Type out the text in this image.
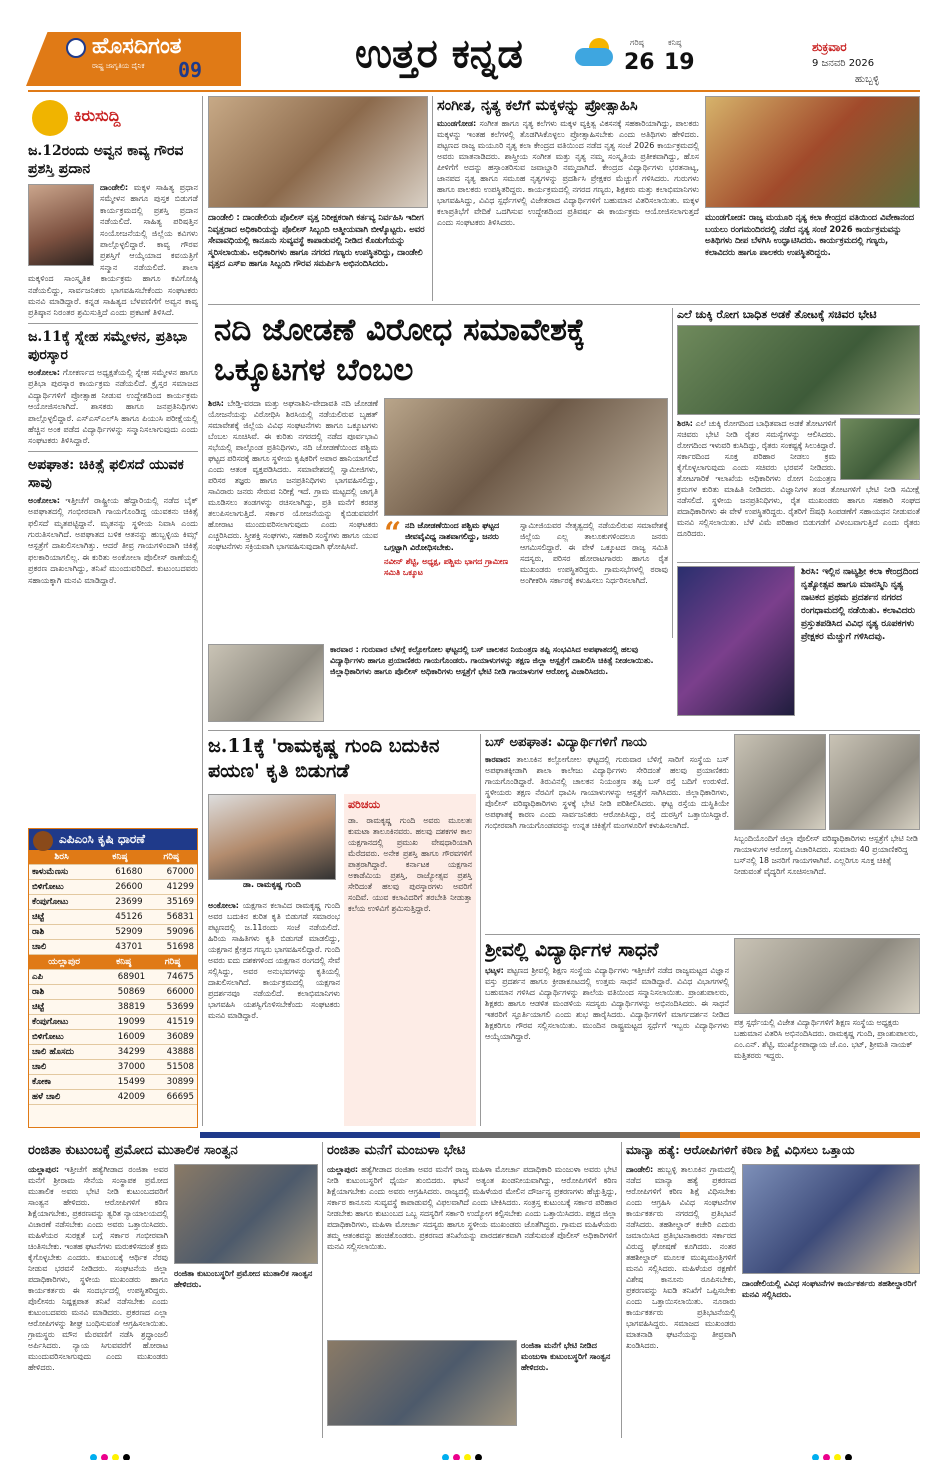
ಹೊಸದಿಗಂತ
ರಾಷ್ಟ್ರ ಜಾಗೃತಿಯ ದೈನಿಕ 09	ಉತ್ತರ ಕನ್ನಡ	ಗರಿಷ್ಠ
26
ಕನಿಷ್ಠ
19
ಶುಕ್ರವಾರ
9 ಜನವರಿ 2026
ಹುಬ್ಬಳ್ಳಿ
ಕಿರುಸುದ್ದಿ
ಜ.12ರಂದು ಅವ್ವನ ಕಾವ್ಯ ಗೌರವ ಪ್ರಶಸ್ತಿ ಪ್ರದಾನ
ದಾಂಡೇಲಿ: ಮಕ್ಕಳ ಸಾಹಿತ್ಯ ಪ್ರಧಾನ ಸಮ್ಮೇಳನ ಹಾಗೂ ಪುಸ್ತಕ ಬಿಡುಗಡೆ ಕಾರ್ಯಕ್ರಮದಲ್ಲಿ ಪ್ರಶಸ್ತಿ ಪ್ರದಾನ ನಡೆಯಲಿದೆ. ಸಾಹಿತ್ಯ ಪರಿಷತ್ತಿನ ಸಂಯೋಜನೆಯಲ್ಲಿ ಜಿಲ್ಲೆಯ ಕವಿಗಳು ಪಾಲ್ಗೊಳ್ಳಲಿದ್ದಾರೆ. ಕಾವ್ಯ ಗೌರವ ಪ್ರಶಸ್ತಿಗೆ ಆಯ್ಕೆಯಾದ ಕವಯತ್ರಿಗೆ ಸನ್ಮಾನ ನಡೆಯಲಿದೆ. ಶಾಲಾ ಮಕ್ಕಳಿಂದ ಸಾಂಸ್ಕೃತಿಕ ಕಾರ್ಯಕ್ರಮ ಹಾಗೂ ಕವಿಗೋಷ್ಠಿ ನಡೆಯಲಿದ್ದು, ಸಾರ್ವಜನಿಕರು ಭಾಗವಹಿಸಬೇಕೆಂದು ಸಂಘಟಕರು ಮನವಿ ಮಾಡಿದ್ದಾರೆ. ಕನ್ನಡ ಸಾಹಿತ್ಯದ ಬೆಳವಣಿಗೆಗೆ ಅವ್ವನ ಕಾವ್ಯ ಪ್ರತಿಷ್ಠಾನ ನಿರಂತರ ಶ್ರಮಿಸುತ್ತಿದೆ ಎಂದು ಪ್ರಕಟಣೆ ತಿಳಿಸಿದೆ.
ಜ.11ಕ್ಕೆ ಸ್ನೇಹ ಸಮ್ಮೇಳನ, ಪ್ರತಿಭಾ ಪುರಸ್ಕಾರ
ಅಂಕೋಲಾ: ಗೋಕರ್ಣದ ಅಧ್ಯಕ್ಷತೆಯಲ್ಲಿ ಸ್ನೇಹ ಸಮ್ಮೇಳನ ಹಾಗೂ ಪ್ರತಿಭಾ ಪುರಸ್ಕಾರ ಕಾರ್ಯಕ್ರಮ ನಡೆಯಲಿದೆ. ಕ್ರೈಸ್ತರ ಸಮಾಜದ ವಿದ್ಯಾರ್ಥಿಗಳಿಗೆ ಪ್ರೋತ್ಸಾಹ ನೀಡುವ ಉದ್ದೇಶದಿಂದ ಕಾರ್ಯಕ್ರಮ ಆಯೋಜಿಸಲಾಗಿದೆ. ಶಾಸಕರು ಹಾಗೂ ಜನಪ್ರತಿನಿಧಿಗಳು ಪಾಲ್ಗೊಳ್ಳಲಿದ್ದಾರೆ. ಎಸ್ಎಸ್ಎಲ್‌ಸಿ ಹಾಗೂ ಪಿಯುಸಿ ಪರೀಕ್ಷೆಯಲ್ಲಿ ಹೆಚ್ಚಿನ ಅಂಕ ಪಡೆದ ವಿದ್ಯಾರ್ಥಿಗಳನ್ನು ಸನ್ಮಾನಿಸಲಾಗುವುದು ಎಂದು ಸಂಘಟಕರು ತಿಳಿಸಿದ್ದಾರೆ.
ಅಪಘಾತ: ಚಿಕಿತ್ಸೆ ಫಲಿಸದೆ ಯುವಕ ಸಾವು
ಅಂಕೋಲಾ: ಇತ್ತೀಚೆಗೆ ರಾಷ್ಟ್ರೀಯ ಹೆದ್ದಾರಿಯಲ್ಲಿ ನಡೆದ ಬೈಕ್ ಅಪಘಾತದಲ್ಲಿ ಗಂಭೀರವಾಗಿ ಗಾಯಗೊಂಡಿದ್ದ ಯುವಕನು ಚಿಕಿತ್ಸೆ ಫಲಿಸದೆ ಮೃತಪಟ್ಟಿದ್ದಾನೆ. ಮೃತನನ್ನು ಸ್ಥಳೀಯ ನಿವಾಸಿ ಎಂದು ಗುರುತಿಸಲಾಗಿದೆ. ಅಪಘಾತದ ಬಳಿಕ ಆತನನ್ನು ಹುಬ್ಬಳ್ಳಿಯ ಕಿಮ್ಸ್ ಆಸ್ಪತ್ರೆಗೆ ದಾಖಲಿಸಲಾಗಿತ್ತು. ಆದರೆ ತೀವ್ರ ಗಾಯಗಳಿಂದಾಗಿ ಚಿಕಿತ್ಸೆ ಫಲಕಾರಿಯಾಗಲಿಲ್ಲ. ಈ ಕುರಿತು ಅಂಕೋಲಾ ಪೊಲೀಸ್ ಠಾಣೆಯಲ್ಲಿ ಪ್ರಕರಣ ದಾಖಲಾಗಿದ್ದು, ತನಿಖೆ ಮುಂದುವರಿದಿದೆ. ಕುಟುಂಬದವರು ಸಹಾಯಕ್ಕಾಗಿ ಮನವಿ ಮಾಡಿದ್ದಾರೆ.
ಎಪಿಎಂಸಿ ಕೃಷಿ ಧಾರಣೆ
ಶಿರಸಿ	ಕನಿಷ್ಠ	ಗರಿಷ್ಠ
ಕಾಳುಮೆಣಸು	61680	67000
ಬಿಳಿಗೋಟು	26600	41299
ಕೆಂಪುಗೋಟು	23699	35169
ಚಿಟ್ಟೆ	45126	56831
ರಾಶಿ	52909	59096
ಚಾಲಿ	43701	51698
ಯಲ್ಲಾಪುರ	ಕನಿಷ್ಠ	ಗರಿಷ್ಠ
ಎಪಿ	68901	74675
ರಾಶಿ	50869	66000
ಚಿಟ್ಟೆ	38819	53699
ಕೆಂಪುಗೋಟು	19099	41519
ಬಿಳಿಗೋಟು	16009	36089
ಚಾಲಿ ಹೊಸದು	34299	43888
ಚಾಲಿ	37000	51508
ಕೋಕಾ	15499	30899
ಹಳೆ ಚಾಲಿ	42009	66695
ದಾಂಡೇಲಿ : ದಾಂಡೇಲಿಯ ಪೊಲೀಸ್ ವೃತ್ತ ನಿರೀಕ್ಷಕರಾಗಿ ಕರ್ತವ್ಯ ನಿರ್ವಹಿಸಿ ಇದೀಗ ನಿವೃತ್ತರಾದ ಅಧಿಕಾರಿಯನ್ನು ಪೊಲೀಸ್ ಸಿಬ್ಬಂದಿ ಆತ್ಮೀಯವಾಗಿ ಬೀಳ್ಕೊಟ್ಟರು. ಅವರ ಸೇವಾವಧಿಯಲ್ಲಿ ಕಾನೂನು ಸುವ್ಯವಸ್ಥೆ ಕಾಪಾಡುವಲ್ಲಿ ನೀಡಿದ ಕೊಡುಗೆಯನ್ನು ಸ್ಮರಿಸಲಾಯಿತು. ಅಧಿಕಾರಿಗಳು ಹಾಗೂ ನಗರದ ಗಣ್ಯರು ಉಪಸ್ಥಿತರಿದ್ದು, ದಾಂಡೇಲಿ ವೃತ್ತದ ಎಸ್ಐ ಹಾಗೂ ಸಿಬ್ಬಂದಿ ಗೌರವ ಸಮರ್ಪಿಸಿ ಅಭಿನಂದಿಸಿದರು.
ಸಂಗೀತ, ನೃತ್ಯ ಕಲೆಗೆ ಮಕ್ಕಳನ್ನು ಪ್ರೋತ್ಸಾಹಿಸಿ
ಮುಂಡಗೋಡ: ಸಂಗೀತ ಹಾಗೂ ನೃತ್ಯ ಕಲೆಗಳು ಮಕ್ಕಳ ವ್ಯಕ್ತಿತ್ವ ವಿಕಸನಕ್ಕೆ ಸಹಕಾರಿಯಾಗಿದ್ದು, ಪಾಲಕರು ಮಕ್ಕಳನ್ನು ಇಂತಹ ಕಲೆಗಳಲ್ಲಿ ತೊಡಗಿಸಿಕೊಳ್ಳಲು ಪ್ರೋತ್ಸಾಹಿಸಬೇಕು ಎಂದು ಅತಿಥಿಗಳು ಹೇಳಿದರು. ಪಟ್ಟಣದ ರಾಜ್ಯ ಮಯೂರಿ ನೃತ್ಯ ಕಲಾ ಕೇಂದ್ರದ ವತಿಯಿಂದ ನಡೆದ ನೃತ್ಯ ಸಂಜೆ 2026 ಕಾರ್ಯಕ್ರಮದಲ್ಲಿ ಅವರು ಮಾತನಾಡಿದರು. ಶಾಸ್ತ್ರೀಯ ಸಂಗೀತ ಮತ್ತು ನೃತ್ಯ ನಮ್ಮ ಸಂಸ್ಕೃತಿಯ ಪ್ರತೀಕವಾಗಿದ್ದು, ಹೊಸ ಪೀಳಿಗೆಗೆ ಅದನ್ನು ಹಸ್ತಾಂತರಿಸುವ ಜವಾಬ್ದಾರಿ ನಮ್ಮದಾಗಿದೆ. ಕೇಂದ್ರದ ವಿದ್ಯಾರ್ಥಿಗಳು ಭರತನಾಟ್ಯ, ಜಾನಪದ ನೃತ್ಯ ಹಾಗೂ ಸಮೂಹ ನೃತ್ಯಗಳನ್ನು ಪ್ರದರ್ಶಿಸಿ ಪ್ರೇಕ್ಷಕರ ಮೆಚ್ಚುಗೆ ಗಳಿಸಿದರು. ಗುರುಗಳು ಹಾಗೂ ಪಾಲಕರು ಉಪಸ್ಥಿತರಿದ್ದರು. ಕಾರ್ಯಕ್ರಮದಲ್ಲಿ ನಗರದ ಗಣ್ಯರು, ಶಿಕ್ಷಕರು ಮತ್ತು ಕಲಾಭಿಮಾನಿಗಳು ಭಾಗವಹಿಸಿದ್ದು, ವಿವಿಧ ಸ್ಪರ್ಧೆಗಳಲ್ಲಿ ವಿಜೇತರಾದ ವಿದ್ಯಾರ್ಥಿಗಳಿಗೆ ಬಹುಮಾನ ವಿತರಿಸಲಾಯಿತು. ಮಕ್ಕಳ ಕಲಾಪ್ರತಿಭೆಗೆ ವೇದಿಕೆ ಒದಗಿಸುವ ಉದ್ದೇಶದಿಂದ ಪ್ರತಿವರ್ಷ ಈ ಕಾರ್ಯಕ್ರಮ ಆಯೋಜಿಸಲಾಗುತ್ತದೆ ಎಂದು ಸಂಘಟಕರು ತಿಳಿಸಿದರು.
ಮುಂಡಗೋಡ: ರಾಜ್ಯ ಮಯೂರಿ ನೃತ್ಯ ಕಲಾ ಕೇಂದ್ರದ ವತಿಯಿಂದ ವಿವೇಕಾನಂದ ಬಯಲು ರಂಗಮಂದಿರದಲ್ಲಿ ನಡೆದ ನೃತ್ಯ ಸಂಜೆ 2026 ಕಾರ್ಯಕ್ರಮವನ್ನು ಅತಿಥಿಗಳು ದೀಪ ಬೆಳಗಿಸಿ ಉದ್ಘಾಟಿಸಿದರು. ಕಾರ್ಯಕ್ರಮದಲ್ಲಿ ಗಣ್ಯರು, ಕಲಾವಿದರು ಹಾಗೂ ಪಾಲಕರು ಉಪಸ್ಥಿತರಿದ್ದರು.
ನದಿ ಜೋಡಣೆ ವಿರೋಧ ಸಮಾವೇಶಕ್ಕೆ ಒಕ್ಕೂಟಗಳ ಬೆಂಬಲ
ಶಿರಸಿ: ಬೇಡ್ತಿ-ವರದಾ ಮತ್ತು ಅಘನಾಶಿನಿ-ವೇದಾವತಿ ನದಿ ಜೋಡಣೆ ಯೋಜನೆಯನ್ನು ವಿರೋಧಿಸಿ ಶಿರಸಿಯಲ್ಲಿ ನಡೆಯಲಿರುವ ಬೃಹತ್ ಸಮಾವೇಶಕ್ಕೆ ಜಿಲ್ಲೆಯ ವಿವಿಧ ಸಂಘಟನೆಗಳು ಹಾಗೂ ಒಕ್ಕೂಟಗಳು ಬೆಂಬಲ ಸೂಚಿಸಿವೆ. ಈ ಕುರಿತು ನಗರದಲ್ಲಿ ನಡೆದ ಪೂರ್ವಭಾವಿ ಸಭೆಯಲ್ಲಿ ಪಾಲ್ಗೊಂಡ ಪ್ರತಿನಿಧಿಗಳು, ನದಿ ಜೋಡಣೆಯಿಂದ ಪಶ್ಚಿಮ ಘಟ್ಟದ ಪರಿಸರಕ್ಕೆ ಹಾಗೂ ಸ್ಥಳೀಯ ಕೃಷಿಕರಿಗೆ ಅಪಾರ ಹಾನಿಯಾಗಲಿದೆ ಎಂದು ಆತಂಕ ವ್ಯಕ್ತಪಡಿಸಿದರು. ಸಮಾವೇಶದಲ್ಲಿ ಸ್ವಾಮೀಜಿಗಳು, ಪರಿಸರ ತಜ್ಞರು ಹಾಗೂ ಜನಪ್ರತಿನಿಧಿಗಳು ಭಾಗವಹಿಸಲಿದ್ದು, ಸಾವಿರಾರು ಜನರು ಸೇರುವ ನಿರೀಕ್ಷೆ ಇದೆ. ಗ್ರಾಮ ಮಟ್ಟದಲ್ಲಿ ಜಾಗೃತಿ ಮೂಡಿಸಲು ತಂಡಗಳನ್ನು ರಚಿಸಲಾಗಿದ್ದು, ಪ್ರತಿ ಮನೆಗೆ ಕರಪತ್ರ ತಲುಪಿಸಲಾಗುತ್ತಿದೆ. ಸರ್ಕಾರ ಯೋಜನೆಯನ್ನು ಕೈಬಿಡುವವರೆಗೆ ಹೋರಾಟ ಮುಂದುವರಿಸಲಾಗುವುದು ಎಂದು ಸಂಘಟಕರು ಎಚ್ಚರಿಸಿದರು. ಸ್ತ್ರೀಶಕ್ತಿ ಸಂಘಗಳು, ಸಹಕಾರಿ ಸಂಸ್ಥೆಗಳು ಹಾಗೂ ಯುವ ಸಂಘಟನೆಗಳು ಸಕ್ರಿಯವಾಗಿ ಭಾಗವಹಿಸುವುದಾಗಿ ಘೋಷಿಸಿವೆ. “ ನದಿ ಜೋಡಣೆಯಿಂದ ಪಶ್ಚಿಮ ಘಟ್ಟದ ಜೀವವೈವಿಧ್ಯ ನಾಶವಾಗಲಿದ್ದು, ಜನರು ಒಗ್ಗಟ್ಟಾಗಿ ವಿರೋಧಿಸಬೇಕು.
ನವೀನ್ ಶೆಟ್ಟಿ, ಅಧ್ಯಕ್ಷ, ಪಶ್ಚಿಮ ಭಾಗದ ಗ್ರಾಮೀಣ ಸಮಿತಿ ಒಕ್ಕೂಟ
ಸ್ವಾಮೀಜಿಯವರ ನೇತೃತ್ವದಲ್ಲಿ ನಡೆಯಲಿರುವ ಸಮಾವೇಶಕ್ಕೆ ಜಿಲ್ಲೆಯ ಎಲ್ಲ ತಾಲೂಕುಗಳಿಂದಲೂ ಜನರು ಆಗಮಿಸಲಿದ್ದಾರೆ. ಈ ವೇಳೆ ಒಕ್ಕೂಟದ ರಾಜ್ಯ ಸಮಿತಿ ಸದಸ್ಯರು, ಪರಿಸರ ಹೋರಾಟಗಾರರು ಹಾಗೂ ರೈತ ಮುಖಂಡರು ಉಪಸ್ಥಿತರಿದ್ದರು. ಗ್ರಾಮಸಭೆಗಳಲ್ಲಿ ಠರಾವು ಅಂಗೀಕರಿಸಿ ಸರ್ಕಾರಕ್ಕೆ ಕಳುಹಿಸಲು ನಿರ್ಧರಿಸಲಾಗಿದೆ.
ಎಲೆ ಚುಕ್ಕಿ ರೋಗ ಬಾಧಿತ ಅಡಕೆ ತೋಟಕ್ಕೆ ಸಚಿವರ ಭೇಟಿ
ಶಿರಸಿ: ಎಲೆ ಚುಕ್ಕಿ ರೋಗದಿಂದ ಬಾಧಿತವಾದ ಅಡಕೆ ತೋಟಗಳಿಗೆ ಸಚಿವರು ಭೇಟಿ ನೀಡಿ ರೈತರ ಸಮಸ್ಯೆಗಳನ್ನು ಆಲಿಸಿದರು. ರೋಗದಿಂದ ಇಳುವರಿ ಕುಸಿದಿದ್ದು, ರೈತರು ಸಂಕಷ್ಟಕ್ಕೆ ಸಿಲುಕಿದ್ದಾರೆ. ಸರ್ಕಾರದಿಂದ ಸೂಕ್ತ ಪರಿಹಾರ ನೀಡಲು ಕ್ರಮ ಕೈಗೊಳ್ಳಲಾಗುವುದು ಎಂದು ಸಚಿವರು ಭರವಸೆ ನೀಡಿದರು. ತೋಟಗಾರಿಕೆ ಇಲಾಖೆಯ ಅಧಿಕಾರಿಗಳು ರೋಗ ನಿಯಂತ್ರಣ ಕ್ರಮಗಳ ಕುರಿತು ಮಾಹಿತಿ ನೀಡಿದರು. ವಿಜ್ಞಾನಿಗಳ ತಂಡ ತೋಟಗಳಿಗೆ ಭೇಟಿ ನೀಡಿ ಸಮೀಕ್ಷೆ ನಡೆಸಲಿದೆ. ಸ್ಥಳೀಯ ಜನಪ್ರತಿನಿಧಿಗಳು, ರೈತ ಮುಖಂಡರು ಹಾಗೂ ಸಹಕಾರಿ ಸಂಘದ ಪದಾಧಿಕಾರಿಗಳು ಈ ವೇಳೆ ಉಪಸ್ಥಿತರಿದ್ದರು. ರೈತರಿಗೆ ಔಷಧಿ ಸಿಂಪಡಣೆಗೆ ಸಹಾಯಧನ ನೀಡುವಂತೆ ಮನವಿ ಸಲ್ಲಿಸಲಾಯಿತು. ಬೆಳೆ ವಿಮೆ ಪರಿಹಾರ ಬಿಡುಗಡೆಗೆ ವಿಳಂಬವಾಗುತ್ತಿದೆ ಎಂದು ರೈತರು ದೂರಿದರು.
ಶಿರಸಿ: ಇಲ್ಲಿನ ನಾಟ್ಯಶ್ರೀ ಕಲಾ ಕೇಂದ್ರದಿಂದ ನೃತ್ಯೋತ್ಸವ ಹಾಗೂ ಮಾನಸ್ಮಿನಿ ನೃತ್ಯ ನಾಟಕದ ಪ್ರಥಮ ಪ್ರದರ್ಶನ ನಗರದ ರಂಗಧಾಮದಲ್ಲಿ ನಡೆಯಿತು. ಕಲಾವಿದರು ಪ್ರಸ್ತುತಪಡಿಸಿದ ವಿವಿಧ ನೃತ್ಯ ರೂಪಕಗಳು ಪ್ರೇಕ್ಷಕರ ಮೆಚ್ಚುಗೆ ಗಳಿಸಿದವು.
ಕಾರವಾರ : ಗುರುವಾರ ಬೆಳಗ್ಗೆ ಕಲ್ಪೋಗೋಲ ಘಟ್ಟದಲ್ಲಿ ಬಸ್ ಚಾಲಕನ ನಿಯಂತ್ರಣ ತಪ್ಪಿ ಸಂಭವಿಸಿದ ಅಪಘಾತದಲ್ಲಿ ಹಲವು ವಿದ್ಯಾರ್ಥಿಗಳು ಹಾಗೂ ಪ್ರಯಾಣಿಕರು ಗಾಯಗೊಂಡರು. ಗಾಯಾಳುಗಳನ್ನು ತಕ್ಷಣ ಜಿಲ್ಲಾ ಆಸ್ಪತ್ರೆಗೆ ದಾಖಲಿಸಿ ಚಿಕಿತ್ಸೆ ನೀಡಲಾಯಿತು. ಜಿಲ್ಲಾಧಿಕಾರಿಗಳು ಹಾಗೂ ಪೊಲೀಸ್ ಅಧಿಕಾರಿಗಳು ಆಸ್ಪತ್ರೆಗೆ ಭೇಟಿ ನೀಡಿ ಗಾಯಾಳುಗಳ ಆರೋಗ್ಯ ವಿಚಾರಿಸಿದರು.
ಜ.11ಕ್ಕೆ 'ರಾಮಕೃಷ್ಣ ಗುಂದಿ ಬದುಕಿನ ಪಯಣ' ಕೃತಿ ಬಿಡುಗಡೆ
ಡಾ. ರಾಮಕೃಷ್ಣ ಗುಂದಿ
ಅಂಕೋಲಾ: ಯಕ್ಷಗಾನ ಕಲಾವಿದ ರಾಮಕೃಷ್ಣ ಗುಂದಿ ಅವರ ಬದುಕಿನ ಕುರಿತ ಕೃತಿ ಬಿಡುಗಡೆ ಸಮಾರಂಭ ಪಟ್ಟಣದಲ್ಲಿ ಜ.11ರಂದು ಸಂಜೆ ನಡೆಯಲಿದೆ. ಹಿರಿಯ ಸಾಹಿತಿಗಳು ಕೃತಿ ಬಿಡುಗಡೆ ಮಾಡಲಿದ್ದು, ಯಕ್ಷಗಾನ ಕ್ಷೇತ್ರದ ಗಣ್ಯರು ಭಾಗವಹಿಸಲಿದ್ದಾರೆ. ಗುಂದಿ ಅವರು ಐದು ದಶಕಗಳಿಂದ ಯಕ್ಷಗಾನ ರಂಗದಲ್ಲಿ ಸೇವೆ ಸಲ್ಲಿಸಿದ್ದು, ಅವರ ಅನುಭವಗಳನ್ನು ಕೃತಿಯಲ್ಲಿ ದಾಖಲಿಸಲಾಗಿದೆ. ಕಾರ್ಯಕ್ರಮದಲ್ಲಿ ಯಕ್ಷಗಾನ ಪ್ರದರ್ಶನವೂ ನಡೆಯಲಿದೆ. ಕಲಾಭಿಮಾನಿಗಳು ಭಾಗವಹಿಸಿ ಯಶಸ್ವಿಗೊಳಿಸಬೇಕೆಂದು ಸಂಘಟಕರು ಮನವಿ ಮಾಡಿದ್ದಾರೆ.
ಪರಿಚಯ
ಡಾ. ರಾಮಕೃಷ್ಣ ಗುಂದಿ ಅವರು ಮೂಲತಃ ಕುಮಟಾ ತಾಲೂಕಿನವರು. ಹಲವು ದಶಕಗಳ ಕಾಲ ಯಕ್ಷಗಾನದಲ್ಲಿ ಪ್ರಮುಖ ವೇಷಧಾರಿಯಾಗಿ ಮೆರೆದವರು. ಅನೇಕ ಪ್ರಶಸ್ತಿ ಹಾಗೂ ಗೌರವಗಳಿಗೆ ಪಾತ್ರರಾಗಿದ್ದಾರೆ. ಕರ್ನಾಟಕ ಯಕ್ಷಗಾನ ಅಕಾಡೆಮಿಯ ಪ್ರಶಸ್ತಿ, ರಾಜ್ಯೋತ್ಸವ ಪ್ರಶಸ್ತಿ ಸೇರಿದಂತೆ ಹಲವು ಪುರಸ್ಕಾರಗಳು ಅವರಿಗೆ ಸಂದಿವೆ. ಯುವ ಕಲಾವಿದರಿಗೆ ತರಬೇತಿ ನೀಡುತ್ತಾ ಕಲೆಯ ಉಳಿವಿಗೆ ಶ್ರಮಿಸುತ್ತಿದ್ದಾರೆ.
ಬಸ್ ಅಪಘಾತ: ವಿದ್ಯಾರ್ಥಿಗಳಿಗೆ ಗಾಯ
ಕಾರವಾರ: ತಾಲೂಕಿನ ಕಲ್ಪೋಗೋಲ ಘಟ್ಟದಲ್ಲಿ ಗುರುವಾರ ಬೆಳಿಗ್ಗೆ ಸಾರಿಗೆ ಸಂಸ್ಥೆಯ ಬಸ್ ಅಪಘಾತಕ್ಕೀಡಾಗಿ ಶಾಲಾ ಕಾಲೇಜು ವಿದ್ಯಾರ್ಥಿಗಳು ಸೇರಿದಂತೆ ಹಲವು ಪ್ರಯಾಣಿಕರು ಗಾಯಗೊಂಡಿದ್ದಾರೆ. ತಿರುವಿನಲ್ಲಿ ಚಾಲಕನ ನಿಯಂತ್ರಣ ತಪ್ಪಿ ಬಸ್ ರಸ್ತೆ ಬದಿಗೆ ಉರುಳಿದೆ. ಸ್ಥಳೀಯರು ತಕ್ಷಣ ನೆರವಿಗೆ ಧಾವಿಸಿ ಗಾಯಾಳುಗಳನ್ನು ಆಸ್ಪತ್ರೆಗೆ ಸಾಗಿಸಿದರು. ಜಿಲ್ಲಾಧಿಕಾರಿಗಳು, ಪೊಲೀಸ್ ವರಿಷ್ಠಾಧಿಕಾರಿಗಳು ಸ್ಥಳಕ್ಕೆ ಭೇಟಿ ನೀಡಿ ಪರಿಶೀಲಿಸಿದರು. ಘಟ್ಟ ರಸ್ತೆಯ ದುಸ್ಥಿತಿಯೇ ಅಪಘಾತಕ್ಕೆ ಕಾರಣ ಎಂದು ಸಾರ್ವಜನಿಕರು ಆರೋಪಿಸಿದ್ದು, ರಸ್ತೆ ದುರಸ್ತಿಗೆ ಒತ್ತಾಯಿಸಿದ್ದಾರೆ. ಗಂಭೀರವಾಗಿ ಗಾಯಗೊಂಡವರನ್ನು ಉನ್ನತ ಚಿಕಿತ್ಸೆಗೆ ಮಂಗಳೂರಿಗೆ ಕಳುಹಿಸಲಾಗಿದೆ.
ಸಿಬ್ಬಂದಿಯೊಂದಿಗೆ ಜಿಲ್ಲಾ ಪೊಲೀಸ್ ವರಿಷ್ಠಾಧಿಕಾರಿಗಳು ಆಸ್ಪತ್ರೆಗೆ ಭೇಟಿ ನೀಡಿ ಗಾಯಾಳುಗಳ ಆರೋಗ್ಯ ವಿಚಾರಿಸಿದರು. ಸುಮಾರು 40 ಪ್ರಯಾಣಿಕರಿದ್ದ ಬಸ್‌ನಲ್ಲಿ 18 ಜನರಿಗೆ ಗಾಯಗಳಾಗಿವೆ. ಎಲ್ಲರಿಗೂ ಸೂಕ್ತ ಚಿಕಿತ್ಸೆ ನೀಡುವಂತೆ ವೈದ್ಯರಿಗೆ ಸೂಚಿಸಲಾಗಿದೆ.
ಶ್ರೀವಲ್ಲಿ ವಿದ್ಯಾರ್ಥಿಗಳ ಸಾಧನೆ
ಭಟ್ಕಳ: ಪಟ್ಟಣದ ಶ್ರೀವಲ್ಲಿ ಶಿಕ್ಷಣ ಸಂಸ್ಥೆಯ ವಿದ್ಯಾರ್ಥಿಗಳು ಇತ್ತೀಚೆಗೆ ನಡೆದ ರಾಜ್ಯಮಟ್ಟದ ವಿಜ್ಞಾನ ವಸ್ತು ಪ್ರದರ್ಶನ ಹಾಗೂ ಕ್ರೀಡಾಕೂಟದಲ್ಲಿ ಉತ್ತಮ ಸಾಧನೆ ಮಾಡಿದ್ದಾರೆ. ವಿವಿಧ ವಿಭಾಗಗಳಲ್ಲಿ ಬಹುಮಾನ ಗಳಿಸಿದ ವಿದ್ಯಾರ್ಥಿಗಳನ್ನು ಶಾಲೆಯ ವತಿಯಿಂದ ಸನ್ಮಾನಿಸಲಾಯಿತು. ಪ್ರಾಂಶುಪಾಲರು, ಶಿಕ್ಷಕರು ಹಾಗೂ ಆಡಳಿತ ಮಂಡಳಿಯ ಸದಸ್ಯರು ವಿದ್ಯಾರ್ಥಿಗಳನ್ನು ಅಭಿನಂದಿಸಿದರು. ಈ ಸಾಧನೆ ಇತರರಿಗೆ ಸ್ಫೂರ್ತಿಯಾಗಲಿ ಎಂದು ಶುಭ ಹಾರೈಸಿದರು. ವಿದ್ಯಾರ್ಥಿಗಳಿಗೆ ಮಾರ್ಗದರ್ಶನ ನೀಡಿದ ಶಿಕ್ಷಕರಿಗೂ ಗೌರವ ಸಲ್ಲಿಸಲಾಯಿತು. ಮುಂದಿನ ರಾಷ್ಟ್ರಮಟ್ಟದ ಸ್ಪರ್ಧೆಗೆ ಇಬ್ಬರು ವಿದ್ಯಾರ್ಥಿಗಳು ಆಯ್ಕೆಯಾಗಿದ್ದಾರೆ.
ಪತ್ರ ಸ್ಪರ್ಧೆಯಲ್ಲಿ ವಿಜೇತ ವಿದ್ಯಾರ್ಥಿಗಳಿಗೆ ಶಿಕ್ಷಣ ಸಂಸ್ಥೆಯ ಅಧ್ಯಕ್ಷರು ಬಹುಮಾನ ವಿತರಿಸಿ ಅಭಿನಂದಿಸಿದರು. ರಾಮಕೃಷ್ಣ ಗುಂದಿ, ಪ್ರಾಂಶುಪಾಲರು, ಎಂ.ಎನ್. ಶೆಟ್ಟಿ, ಮುಖ್ಯೋಪಾಧ್ಯಾಯ ಜೆ.ಎಂ. ಭಟ್, ಶ್ರೀಮತಿ ನಾಯಕ್ ಮತ್ತಿತರರು ಇದ್ದರು.
ರಂಜಿತಾ ಕುಟುಂಬಕ್ಕೆ ಪ್ರಮೋದ ಮುತಾಲಿಕ ಸಾಂತ್ವನ
ಯಲ್ಲಾಪುರ: ಇತ್ತೀಚೆಗೆ ಹತ್ಯೆಗೀಡಾದ ರಂಜಿತಾ ಅವರ ಮನೆಗೆ ಶ್ರೀರಾಮ ಸೇನೆಯ ಸಂಸ್ಥಾಪಕ ಪ್ರಮೋದ ಮುತಾಲಿಕ ಅವರು ಭೇಟಿ ನೀಡಿ ಕುಟುಂಬದವರಿಗೆ ಸಾಂತ್ವನ ಹೇಳಿದರು. ಆರೋಪಿಗಳಿಗೆ ಕಠಿಣ ಶಿಕ್ಷೆಯಾಗಬೇಕು, ಪ್ರಕರಣವನ್ನು ತ್ವರಿತ ನ್ಯಾಯಾಲಯದಲ್ಲಿ ವಿಚಾರಣೆ ನಡೆಸಬೇಕು ಎಂದು ಅವರು ಒತ್ತಾಯಿಸಿದರು. ಮಹಿಳೆಯರ ಸುರಕ್ಷತೆ ಬಗ್ಗೆ ಸರ್ಕಾರ ಗಂಭೀರವಾಗಿ ಚಿಂತಿಸಬೇಕು. ಇಂತಹ ಘಟನೆಗಳು ಮರುಕಳಿಸದಂತೆ ಕ್ರಮ ಕೈಗೊಳ್ಳಬೇಕು ಎಂದರು. ಕುಟುಂಬಕ್ಕೆ ಆರ್ಥಿಕ ನೆರವು ನೀಡುವ ಭರವಸೆ ನೀಡಿದರು. ಸಂಘಟನೆಯ ಜಿಲ್ಲಾ ಪದಾಧಿಕಾರಿಗಳು, ಸ್ಥಳೀಯ ಮುಖಂಡರು ಹಾಗೂ ಕಾರ್ಯಕರ್ತರು ಈ ಸಂದರ್ಭದಲ್ಲಿ ಉಪಸ್ಥಿತರಿದ್ದರು. ಪೊಲೀಸರು ನಿಷ್ಪಕ್ಷಪಾತ ತನಿಖೆ ನಡೆಸಬೇಕು ಎಂದು ಕುಟುಂಬದವರು ಮನವಿ ಮಾಡಿದರು. ಪ್ರಕರಣದ ಎಲ್ಲಾ ಆರೋಪಿಗಳನ್ನು ಶೀಘ್ರ ಬಂಧಿಸುವಂತೆ ಆಗ್ರಹಿಸಲಾಯಿತು. ಗ್ರಾಮಸ್ಥರು ಮೌನ ಮೆರವಣಿಗೆ ನಡೆಸಿ ಶ್ರದ್ಧಾಂಜಲಿ ಅರ್ಪಿಸಿದರು. ನ್ಯಾಯ ಸಿಗುವವರೆಗೆ ಹೋರಾಟ ಮುಂದುವರಿಸಲಾಗುವುದು ಎಂದು ಮುಖಂಡರು ಹೇಳಿದರು.
ರಂಜಿತಾ ಕುಟುಂಬಸ್ಥರಿಗೆ ಪ್ರಮೋದ ಮುತಾಲಿಕ ಸಾಂತ್ವನ ಹೇಳಿದರು.
ರಂಜಿತಾ ಮನೆಗೆ ಮಂಜುಳಾ ಭೇಟಿ
ಯಲ್ಲಾಪುರ: ಹತ್ಯೆಗೀಡಾದ ರಂಜಿತಾ ಅವರ ಮನೆಗೆ ರಾಜ್ಯ ಮಹಿಳಾ ಮೋರ್ಚಾ ಪದಾಧಿಕಾರಿ ಮಂಜುಳಾ ಅವರು ಭೇಟಿ ನೀಡಿ ಕುಟುಂಬಸ್ಥರಿಗೆ ಧೈರ್ಯ ತುಂಬಿದರು. ಘಟನೆ ಅತ್ಯಂತ ಖಂಡನೀಯವಾಗಿದ್ದು, ಆರೋಪಿಗಳಿಗೆ ಕಠಿಣ ಶಿಕ್ಷೆಯಾಗಬೇಕು ಎಂದು ಅವರು ಆಗ್ರಹಿಸಿದರು. ರಾಜ್ಯದಲ್ಲಿ ಮಹಿಳೆಯರ ಮೇಲಿನ ದೌರ್ಜನ್ಯ ಪ್ರಕರಣಗಳು ಹೆಚ್ಚುತ್ತಿದ್ದು, ಸರ್ಕಾರ ಕಾನೂನು ಸುವ್ಯವಸ್ಥೆ ಕಾಪಾಡುವಲ್ಲಿ ವಿಫಲವಾಗಿದೆ ಎಂದು ಟೀಕಿಸಿದರು. ಸಂತ್ರಸ್ತ ಕುಟುಂಬಕ್ಕೆ ಸರ್ಕಾರ ಪರಿಹಾರ ನೀಡಬೇಕು ಹಾಗೂ ಕುಟುಂಬದ ಒಬ್ಬ ಸದಸ್ಯರಿಗೆ ಸರ್ಕಾರಿ ಉದ್ಯೋಗ ಕಲ್ಪಿಸಬೇಕು ಎಂದು ಒತ್ತಾಯಿಸಿದರು. ಪಕ್ಷದ ಜಿಲ್ಲಾ ಪದಾಧಿಕಾರಿಗಳು, ಮಹಿಳಾ ಮೋರ್ಚಾ ಸದಸ್ಯರು ಹಾಗೂ ಸ್ಥಳೀಯ ಮುಖಂಡರು ಜೊತೆಗಿದ್ದರು. ಗ್ರಾಮದ ಮಹಿಳೆಯರು ತಮ್ಮ ಆತಂಕವನ್ನು ಹಂಚಿಕೊಂಡರು. ಪ್ರಕರಣದ ತನಿಖೆಯನ್ನು ಪಾರದರ್ಶಕವಾಗಿ ನಡೆಸುವಂತೆ ಪೊಲೀಸ್ ಅಧಿಕಾರಿಗಳಿಗೆ ಮನವಿ ಸಲ್ಲಿಸಲಾಯಿತು.
ರಂಜಿತಾ ಮನೆಗೆ ಭೇಟಿ ನೀಡಿದ ಮಂಜುಳಾ ಕುಟುಂಬಸ್ಥರಿಗೆ ಸಾಂತ್ವನ ಹೇಳಿದರು.
ಮಾನ್ಯಾ ಹತ್ಯೆ: ಆರೋಪಿಗಳಿಗೆ ಕಠಿಣ ಶಿಕ್ಷೆ ವಿಧಿಸಲು ಒತ್ತಾಯ
ದಾಂಡೇಲಿ: ಹುಬ್ಬಳ್ಳಿ ತಾಲೂಕಿನ ಗ್ರಾಮದಲ್ಲಿ ನಡೆದ ಮಾನ್ಯಾ ಹತ್ಯೆ ಪ್ರಕರಣದ ಆರೋಪಿಗಳಿಗೆ ಕಠಿಣ ಶಿಕ್ಷೆ ವಿಧಿಸಬೇಕು ಎಂದು ಆಗ್ರಹಿಸಿ ವಿವಿಧ ಸಂಘಟನೆಗಳ ಕಾರ್ಯಕರ್ತರು ನಗರದಲ್ಲಿ ಪ್ರತಿಭಟನೆ ನಡೆಸಿದರು. ತಹಶೀಲ್ದಾರ್ ಕಚೇರಿ ಎದುರು ಜಮಾಯಿಸಿದ ಪ್ರತಿಭಟನಾಕಾರರು ಸರ್ಕಾರದ ವಿರುದ್ಧ ಘೋಷಣೆ ಕೂಗಿದರು. ನಂತರ ತಹಶೀಲ್ದಾರ್ ಮೂಲಕ ಮುಖ್ಯಮಂತ್ರಿಗಳಿಗೆ ಮನವಿ ಸಲ್ಲಿಸಿದರು. ಮಹಿಳೆಯರ ರಕ್ಷಣೆಗೆ ವಿಶೇಷ ಕಾನೂನು ರೂಪಿಸಬೇಕು, ಪ್ರಕರಣವನ್ನು ಸಿಐಡಿ ತನಿಖೆಗೆ ಒಪ್ಪಿಸಬೇಕು ಎಂದು ಒತ್ತಾಯಿಸಲಾಯಿತು. ನೂರಾರು ಕಾರ್ಯಕರ್ತರು ಪ್ರತಿಭಟನೆಯಲ್ಲಿ ಭಾಗವಹಿಸಿದ್ದರು. ಸಮಾಜದ ಮುಖಂಡರು ಮಾತನಾಡಿ ಘಟನೆಯನ್ನು ತೀವ್ರವಾಗಿ ಖಂಡಿಸಿದರು.
ದಾಂಡೇಲಿಯಲ್ಲಿ ವಿವಿಧ ಸಂಘಟನೆಗಳ ಕಾರ್ಯಕರ್ತರು ತಹಶೀಲ್ದಾರರಿಗೆ ಮನವಿ ಸಲ್ಲಿಸಿದರು.
